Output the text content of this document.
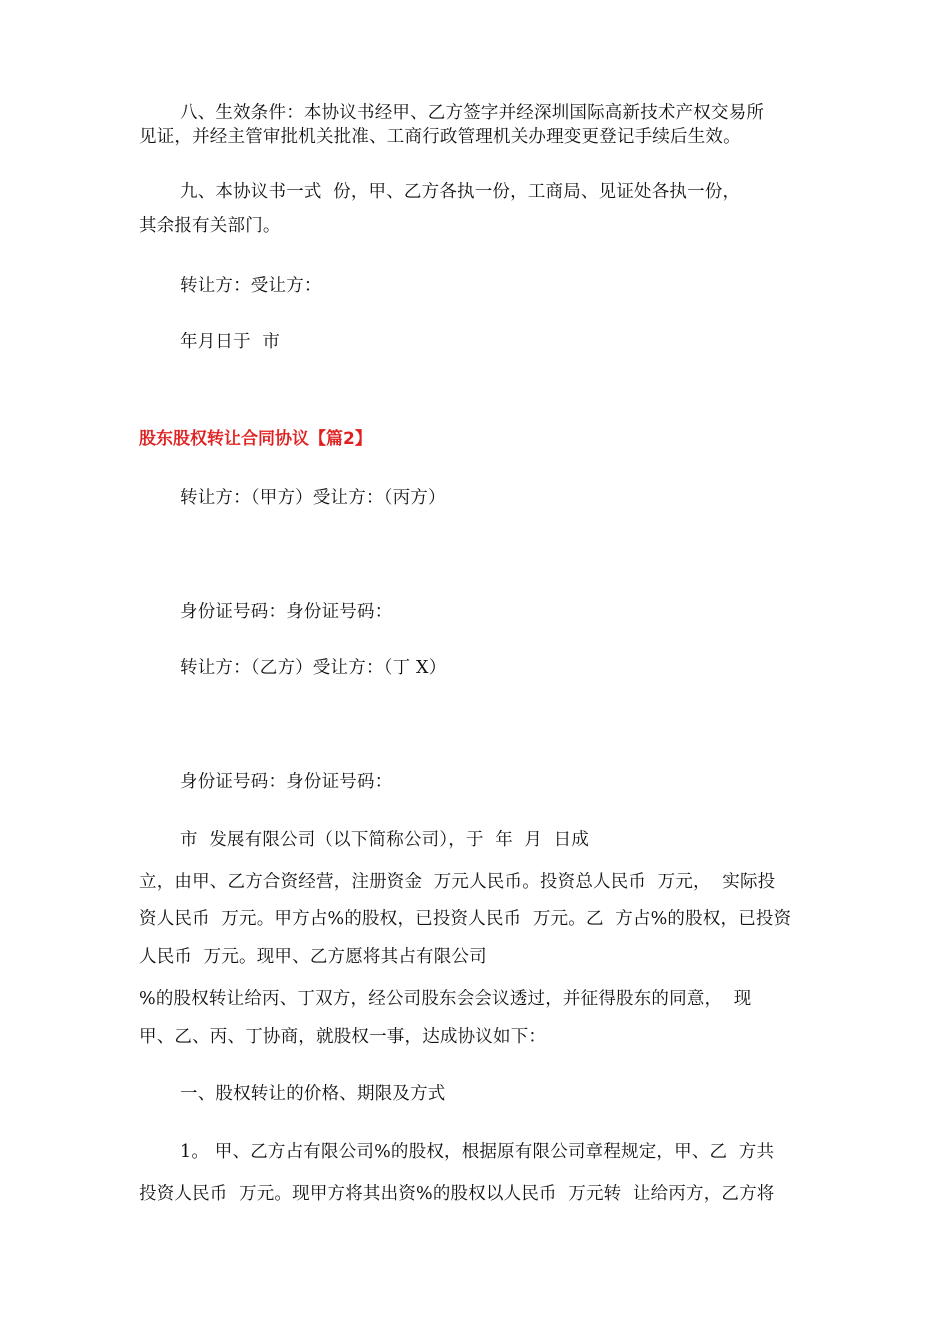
八、生效条件：本协议书经甲、乙方签字并经深圳国际高新技术产权交易所
见证，并经主管审批机关批准、工商行政管理机关办理变更登记手续后生效。
九、本协议书一式  份，甲、乙方各执一份，工商局、见证处各执一份，
其余报有关部门。
转让方：受让方：
年月日于  市
股东股权转让合同协议【篇2】
转让方：（甲方）受让方：（丙方）
身份证号码：身份证号码：
转让方：（乙方）受让方：（丁 X）
身份证号码：身份证号码：
市  发展有限公司（以下简称公司），于  年  月  日成
立，由甲、乙方合资经营，注册资金  万元人民币。投资总人民币  万元，  实际投
资人民币  万元。甲方占%的股权，已投资人民币  万元。乙  方占%的股权，已投资
人民币  万元。现甲、乙方愿将其占有限公司
%的股权转让给丙、丁双方，经公司股东会会议透过，并征得股东的同意，  现
甲、乙、丙、丁协商，就股权一事，达成协议如下：
一、股权转让的价格、期限及方式
1。 甲、乙方占有限公司%的股权，根据原有限公司章程规定，甲、乙  方共
投资人民币  万元。现甲方将其出资%的股权以人民币  万元转  让给丙方，乙方将
